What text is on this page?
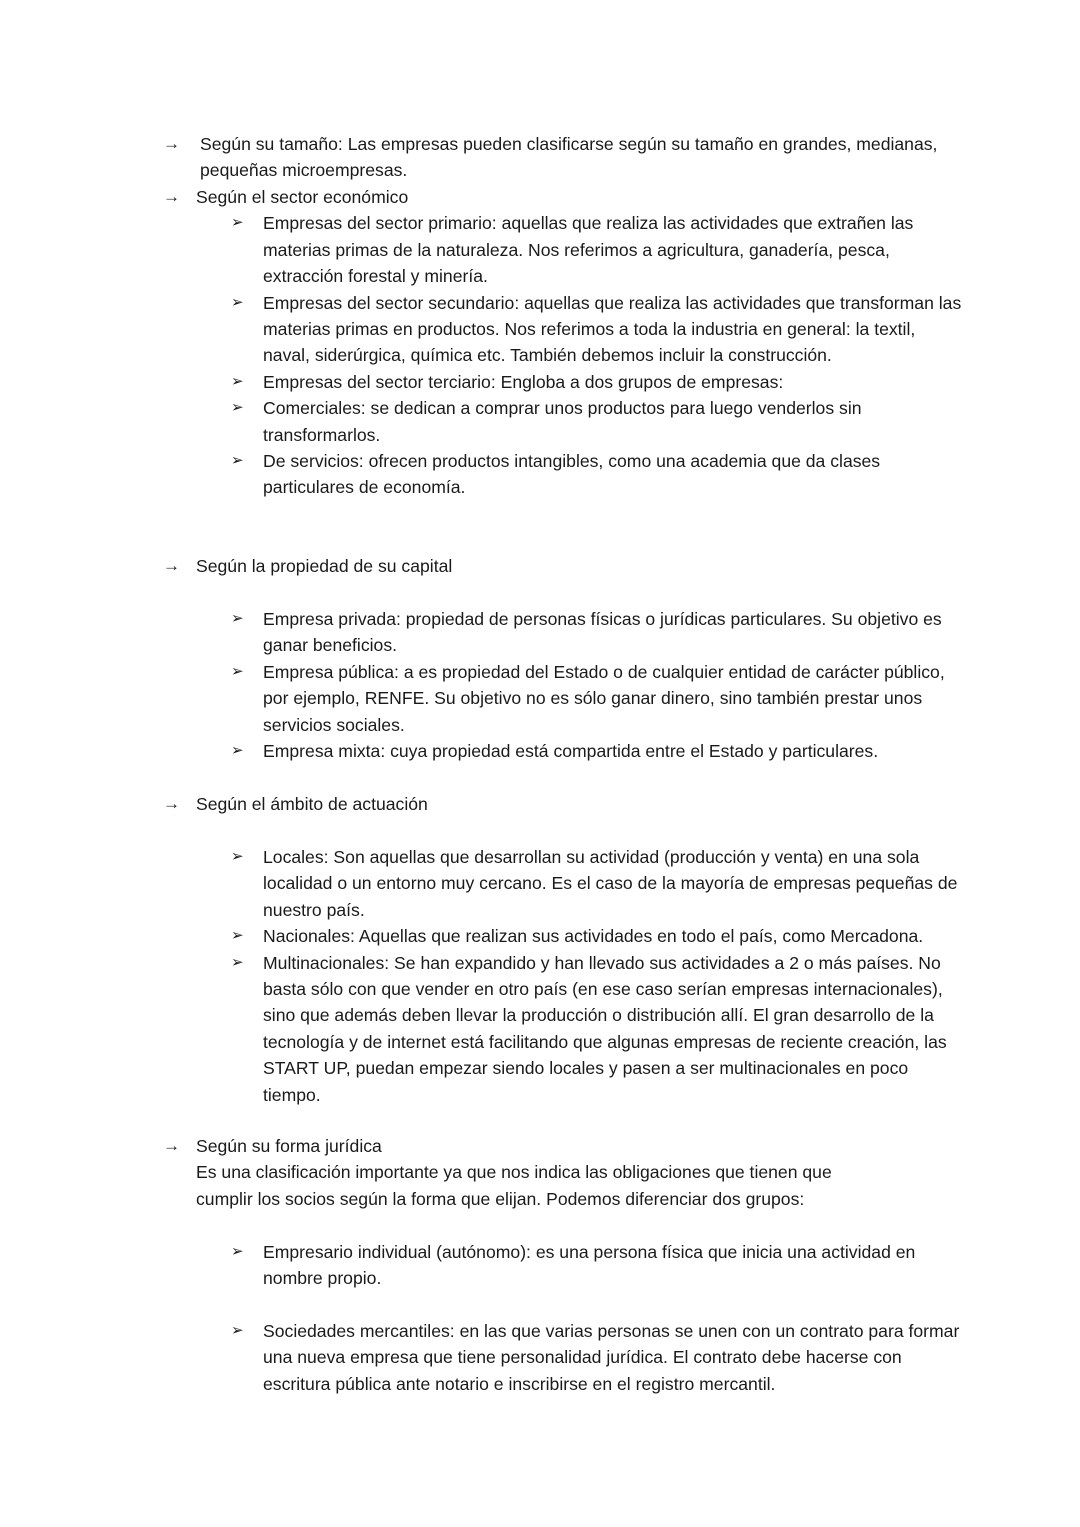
→	Según su tamaño: Las empresas pueden clasificarse según su tamaño en grandes, medianas, pequeñas microempresas.
→ Según el sector económico
➢	Empresas del sector primario: aquellas que realiza las actividades que extrañen las materias primas de la naturaleza. Nos referimos a agricultura, ganadería, pesca, extracción forestal y minería.
➢	Empresas del sector secundario: aquellas que realiza las actividades que transforman las materias primas en productos. Nos referimos a toda la industria en general: la textil, naval, siderúrgica, química etc. También debemos incluir la construcción.
➢	Empresas del sector terciario: Engloba a dos grupos de empresas:
➢	Comerciales: se dedican a comprar unos productos para luego venderlos sin transformarlos.
➢	De servicios: ofrecen productos intangibles, como una academia que da clases particulares de economía.
→ Según la propiedad de su capital
➢	Empresa privada: propiedad de personas físicas o jurídicas particulares. Su objetivo es ganar beneficios.
➢	Empresa pública: a es propiedad del Estado o de cualquier entidad de carácter público, por ejemplo, RENFE. Su objetivo no es sólo ganar dinero, sino también prestar unos servicios sociales.
➢	Empresa mixta: cuya propiedad está compartida entre el Estado y particulares.
→ Según el ámbito de actuación
➢	Locales: Son aquellas que desarrollan su actividad (producción y venta) en una sola localidad o un entorno muy cercano. Es el caso de la mayoría de empresas pequeñas de nuestro país.
➢	Nacionales: Aquellas que realizan sus actividades en todo el país, como Mercadona.
➢	Multinacionales: Se han expandido y han llevado sus actividades a 2 o más países. No basta sólo con que vender en otro país (en ese caso serían empresas internacionales), sino que además deben llevar la producción o distribución allí. El gran desarrollo de la tecnología y de internet está facilitando que algunas empresas de reciente creación, las START UP, puedan empezar siendo locales y pasen a ser multinacionales en poco tiempo.
→ Según su forma jurídica
Es una clasificación importante ya que nos indica las obligaciones que tienen que cumplir los socios según la forma que elijan. Podemos diferenciar dos grupos:
➢	Empresario individual (autónomo): es una persona física que inicia una actividad en nombre propio.
➢	Sociedades mercantiles: en las que varias personas se unen con un contrato para formar una nueva empresa que tiene personalidad jurídica. El contrato debe hacerse con escritura pública ante notario e inscribirse en el registro mercantil.
